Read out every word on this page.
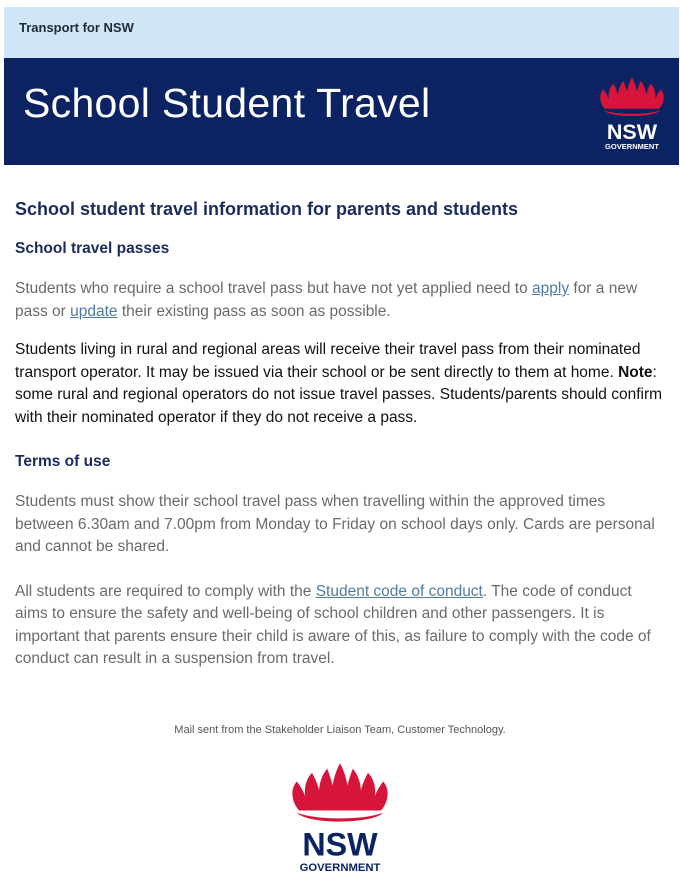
Transport for NSW
School Student Travel
NSW
GOVERNMENT
School student travel information for parents and students
School travel passes

Students who require a school travel pass but have not yet applied need to apply for a new pass or update their existing pass as soon as possible.

Students living in rural and regional areas will receive their travel pass from their nominated transport operator. It may be issued via their school or be sent directly to them at home. Note: some rural and regional operators do not issue travel passes. Students/parents should confirm with their nominated operator if they do not receive a pass.

Terms of use

Students must show their school travel pass when travelling within the approved times between 6.30am and 7.00pm from Monday to Friday on school days only. Cards are personal and cannot be shared.

All students are required to comply with the Student code of conduct. The code of conduct aims to ensure the safety and well-being of school children and other passengers. It is important that parents ensure their child is aware of this, as failure to comply with the code of conduct can result in a suspension from travel.

Mail sent from the Stakeholder Liaison Team, Customer Technology.
NSW
GOVERNMENT
